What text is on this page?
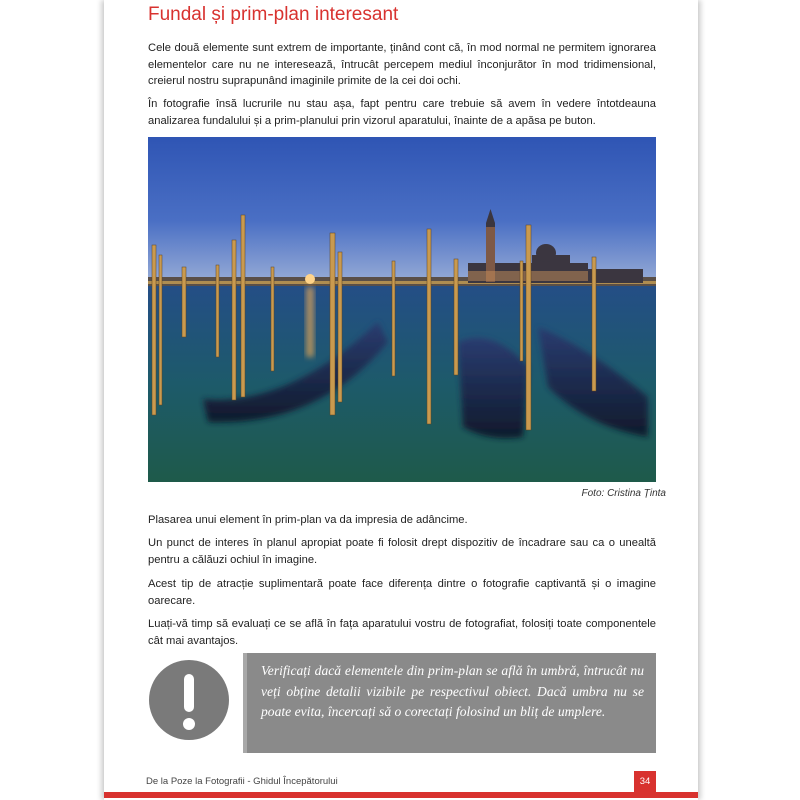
Fundal și prim-plan interesant

Cele două elemente sunt extrem de importante, ținând cont că, în mod normal ne permitem ignorarea elementelor care nu ne interesează, întrucât percepem mediul înconjurător în mod tridimensional, creierul nostru suprapunând imaginile primite de la cei doi ochi.

În fotografie însă lucrurile nu stau așa, fapt pentru care trebuie să avem în vedere întotdeauna analizarea fundalului și a prim-planului prin vizorul aparatului, înainte de a apăsa pe buton.

Foto: Cristina Ținta

Plasarea unui element în prim-plan va da impresia de adâncime.

Un punct de interes în planul apropiat poate fi folosit drept dispozitiv de încadrare sau ca o unealtă pentru a călăuzi ochiul în imagine.

Acest tip de atracție suplimentară poate face diferența dintre o fotografie captivantă și o imagine oarecare.

Luați-vă timp să evaluați ce se află în fața aparatului vostru de fotografiat, folosiți toate componentele cât mai avantajos.

Verificați dacă elementele din prim-plan se află în umbră, întrucât nu veți obține detalii vizibile pe respectivul obiect. Dacă umbra nu se poate evita, încercați să o corectați folosind un bliț de umplere.

De la Poze la Fotografii - Ghidul Începătorului	34
